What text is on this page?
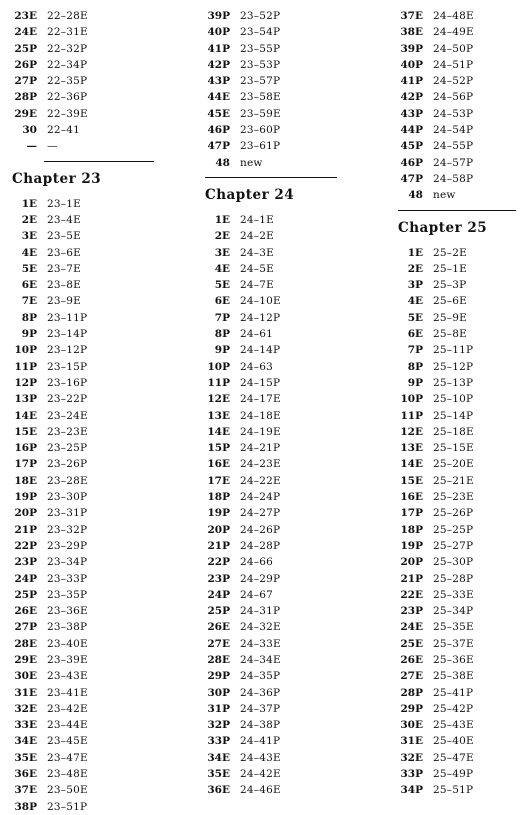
23E 22–28E
24E 22–31E
25P 22–32P
26P 22–34P
27P 22–35P
28P 22–36P
29E 22–39E
30 22–41
— —
Chapter 23
1E 23–1E
2E 23–4E
3E 23–5E
4E 23–6E
5E 23–7E
6E 23–8E
7E 23–9E
8P 23–11P
9P 23–14P
10P 23–12P
11P 23–15P
12P 23–16P
13P 23–22P
14E 23–24E
15E 23–23E
16P 23–25P
17P 23–26P
18E 23–28E
19P 23–30P
20P 23–31P
21P 23–32P
22P 23–29P
23P 23–34P
24P 23–33P
25P 23–35P
26E 23–36E
27P 23–38P
28E 23–40E
29E 23–39E
30E 23–43E
31E 23–41E
32E 23–42E
33E 23–44E
34E 23–45E
35E 23–47E
36E 23–48E
37E 23–50E
38P 23–51P
39P 23–52P
40P 23–54P
41P 23–55P
42P 23–53P
43P 23–57P
44E 23–58E
45E 23–59E
46P 23–60P
47P 23–61P
48 new
Chapter 24
1E 24–1E
2E 24–2E
3E 24–3E
4E 24–5E
5E 24–7E
6E 24–10E
7P 24–12P
8P 24–61
9P 24–14P
10P 24–63
11P 24–15P
12E 24–17E
13E 24–18E
14E 24–19E
15P 24–21P
16E 24–23E
17E 24–22E
18P 24–24P
19P 24–27P
20P 24–26P
21P 24–28P
22P 24–66
23P 24–29P
24P 24–67
25P 24–31P
26E 24–32E
27E 24–33E
28E 24–34E
29P 24–35P
30P 24–36P
31P 24–37P
32P 24–38P
33P 24–41P
34E 24–43E
35E 24–42E
36E 24–46E
37E 24–48E
38E 24–49E
39P 24–50P
40P 24–51P
41P 24–52P
42P 24–56P
43P 24–53P
44P 24–54P
45P 24–55P
46P 24–57P
47P 24–58P
48 new
Chapter 25
1E 25–2E
2E 25–1E
3P 25–3P
4E 25–6E
5E 25–9E
6E 25–8E
7P 25–11P
8P 25–12P
9P 25–13P
10P 25–10P
11P 25–14P
12E 25–18E
13E 25–15E
14E 25–20E
15E 25–21E
16E 25–23E
17P 25–26P
18P 25–25P
19P 25–27P
20P 25–30P
21P 25–28P
22E 25–33E
23P 25–34P
24E 25–35E
25E 25–37E
26E 25–36E
27E 25–38E
28P 25–41P
29P 25–42P
30E 25–43E
31E 25–40E
32E 25–47E
33P 25–49P
34P 25–51P
